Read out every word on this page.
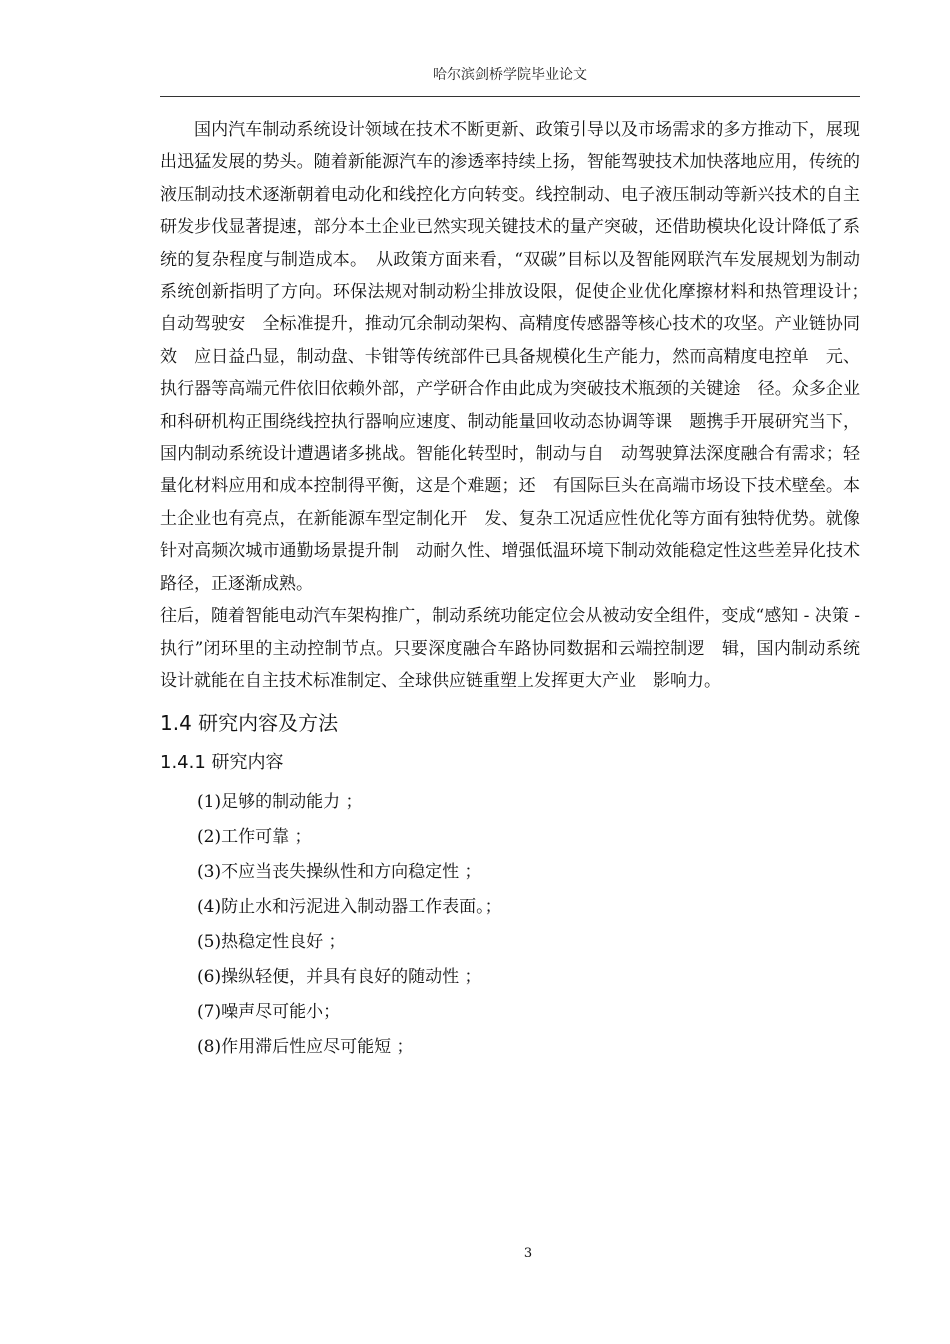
哈尔滨剑桥学院毕业论文

国内汽车制动系统设计领域在技术不断更新、政策引导以及市场需求的多方推动下，展现出迅猛发展的势头。随着新能源汽车的渗透率持续上扬，智能驾驶技术加快落地应用，传统的液压制动技术逐渐朝着电动化和线控化方向转变。线控制动、电子液压制动等新兴技术的自主研发步伐显著提速，部分本土企业已然实现关键技术的量产突破，还借助模块化设计降低了系统的复杂程度与制造成本。　从政策方面来看，“双碳”目标以及智能网联汽车发展规划为制动系统创新指明了方向。环保法规对制动粉尘排放设限，促使企业优化摩擦材料和热管理设计；　自动驾驶安　全标准提升，推动冗余制动架构、高精度传感器等核心技术的攻坚。产业链协同效　应日益凸显，制动盘、卡钳等传统部件已具备规模化生产能力，然而高精度电控单　元、执行器等高端元件依旧依赖外部，产学研合作由此成为突破技术瓶颈的关键途　径。众多企业和科研机构正围绕线控执行器响应速度、制动能量回收动态协调等课　题携手开展研究当下，国内制动系统设计遭遇诸多挑战。智能化转型时，制动与自　动驾驶算法深度融合有需求；轻量化材料应用和成本控制得平衡，这是个难题；还　有国际巨头在高端市场设下技术壁垒。本土企业也有亮点，在新能源车型定制化开　发、复杂工况适应性优化等方面有独特优势。就像针对高频次城市通勤场景提升制　动耐久性、增强低温环境下制动效能稳定性这些差异化技术路径，正逐渐成熟。

往后，随着智能电动汽车架构推广，制动系统功能定位会从被动安全组件，变成“感知 - 决策 - 执行”闭环里的主动控制节点。只要深度融合车路协同数据和云端控制逻　辑，国内制动系统设计就能在自主技术标准制定、全球供应链重塑上发挥更大产业　影响力。

1.4 研究内容及方法
1.4.1 研究内容
(1)足够的制动能力 ；
(2)工作可靠 ；
(3)不应当丧失操纵性和方向稳定性 ；
(4)防止水和污泥进入制动器工作表面。；
(5)热稳定性良好 ；
(6)操纵轻便，并具有良好的随动性 ；
(7)噪声尽可能小；
(8)作用滞后性应尽可能短 ；
3
